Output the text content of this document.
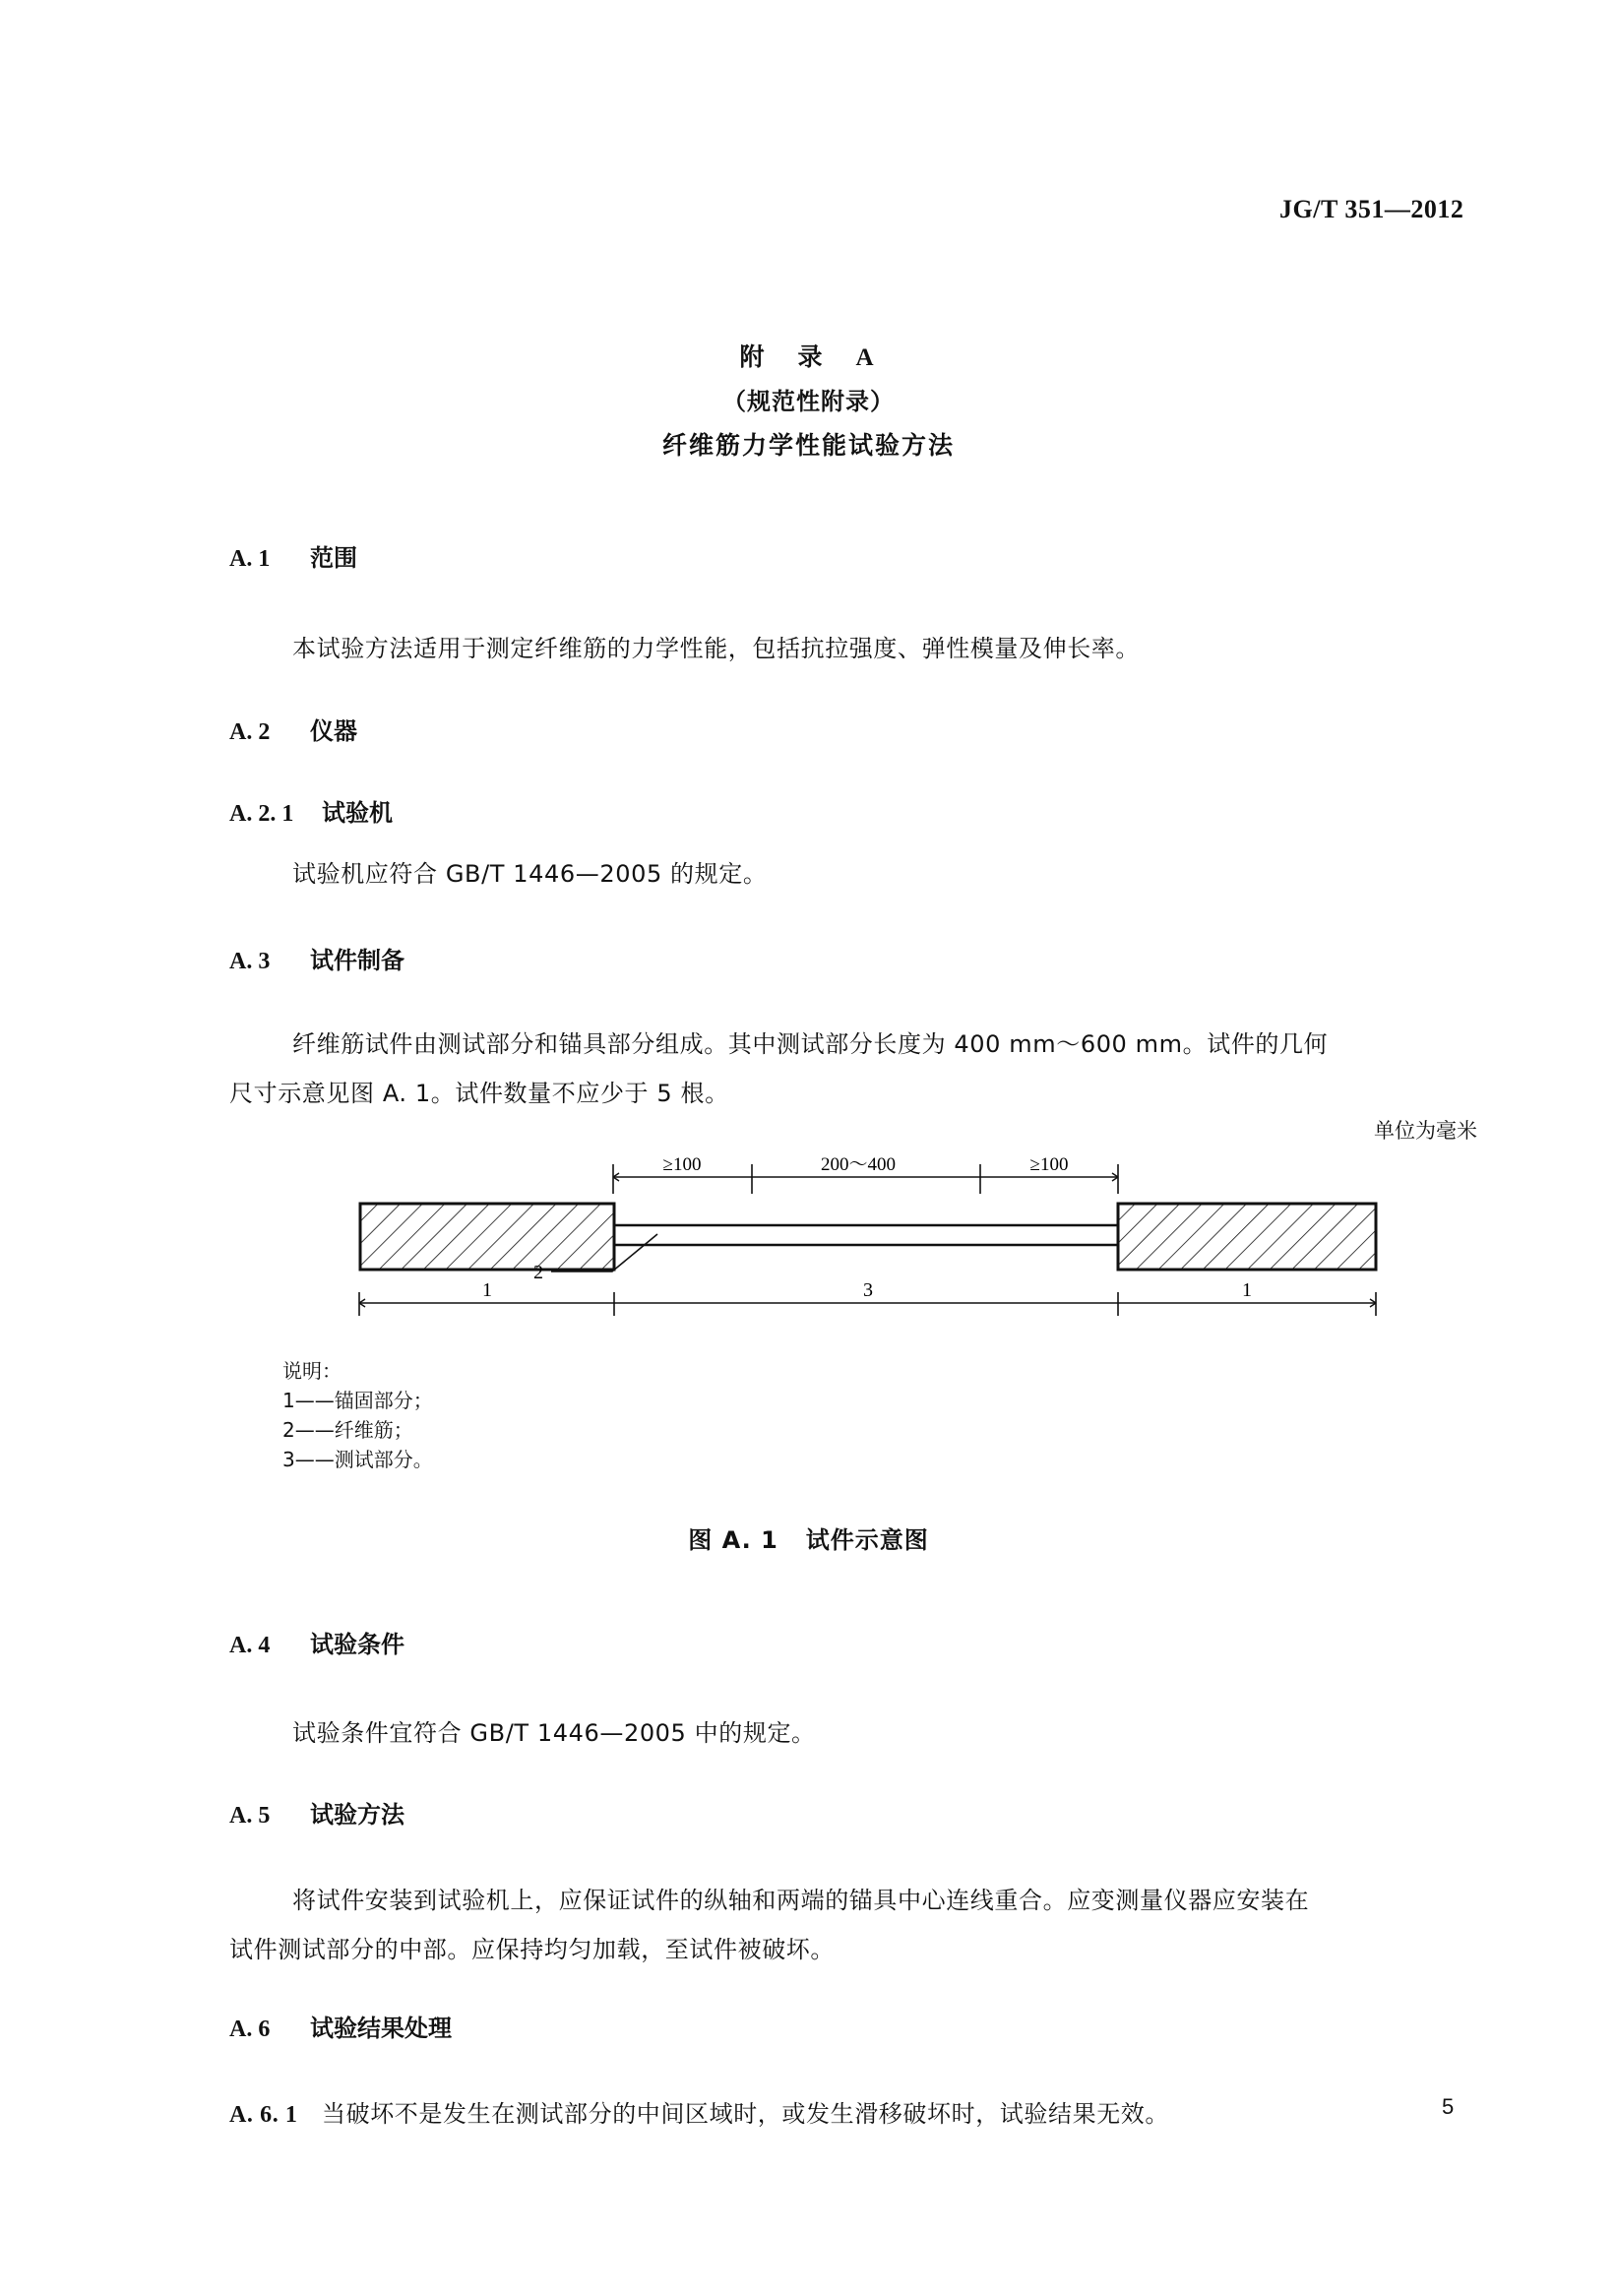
JG/T 351—2012
附 录 A
（规范性附录）
纤维筋力学性能试验方法
A. 1 范围
本试验方法适用于测定纤维筋的力学性能，包括抗拉强度、弹性模量及伸长率。
A. 2 仪器
A. 2. 1 试验机
试验机应符合 GB/T 1446—2005 的规定。
A. 3 试件制备
纤维筋试件由测试部分和锚具部分组成。其中测试部分长度为 400 mm～600 mm。试件的几何
尺寸示意见图 A. 1。试件数量不应少于 5 根。
单位为毫米
≥100	200～400	≥100
2
1	3	1
说明：
1——锚固部分；
2——纤维筋；
3——测试部分。
图 A. 1 试件示意图
A. 4 试验条件
试验条件宜符合 GB/T 1446—2005 中的规定。
A. 5 试验方法
将试件安装到试验机上，应保证试件的纵轴和两端的锚具中心连线重合。应变测量仪器应安装在
试件测试部分的中部。应保持均匀加载，至试件被破坏。
A. 6 试验结果处理
A. 6. 1 当破坏不是发生在测试部分的中间区域时，或发生滑移破坏时，试验结果无效。	5
